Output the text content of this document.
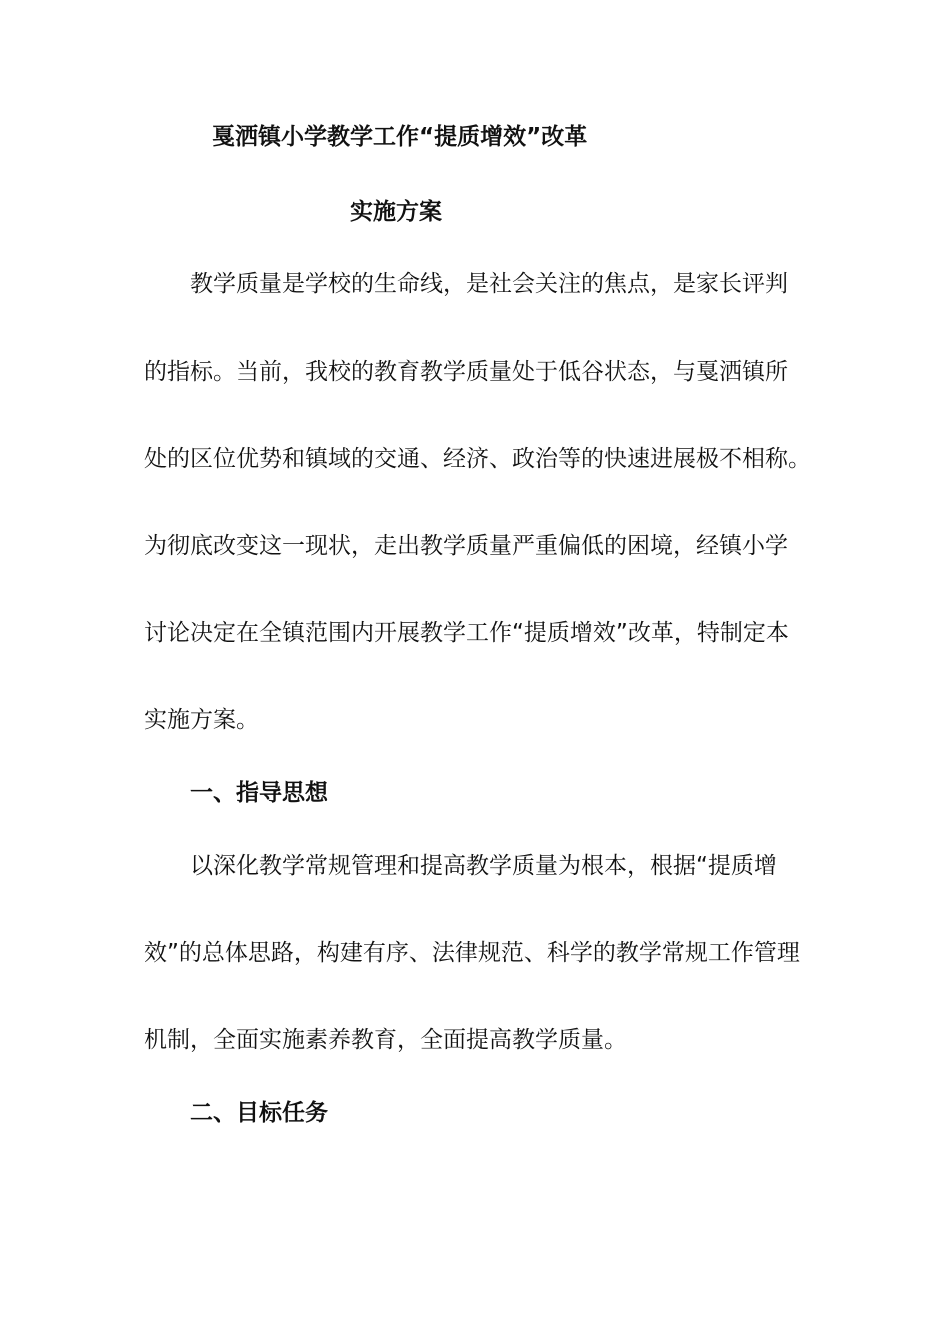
戛洒镇小学教学工作“提质增效”改革
实施方案
教学质量是学校的生命线，是社会关注的焦点，是家长评判
的指标。当前，我校的教育教学质量处于低谷状态，与戛洒镇所
处的区位优势和镇域的交通、经济、政治等的快速进展极不相称。
为彻底改变这一现状，走出教学质量严重偏低的困境，经镇小学
讨论决定在全镇范围内开展教学工作“提质增效”改革，特制定本
实施方案。
一、指导思想
以深化教学常规管理和提高教学质量为根本，根据“提质增
效”的总体思路，构建有序、法律规范、科学的教学常规工作管理
机制，全面实施素养教育，全面提高教学质量。
二、目标任务
